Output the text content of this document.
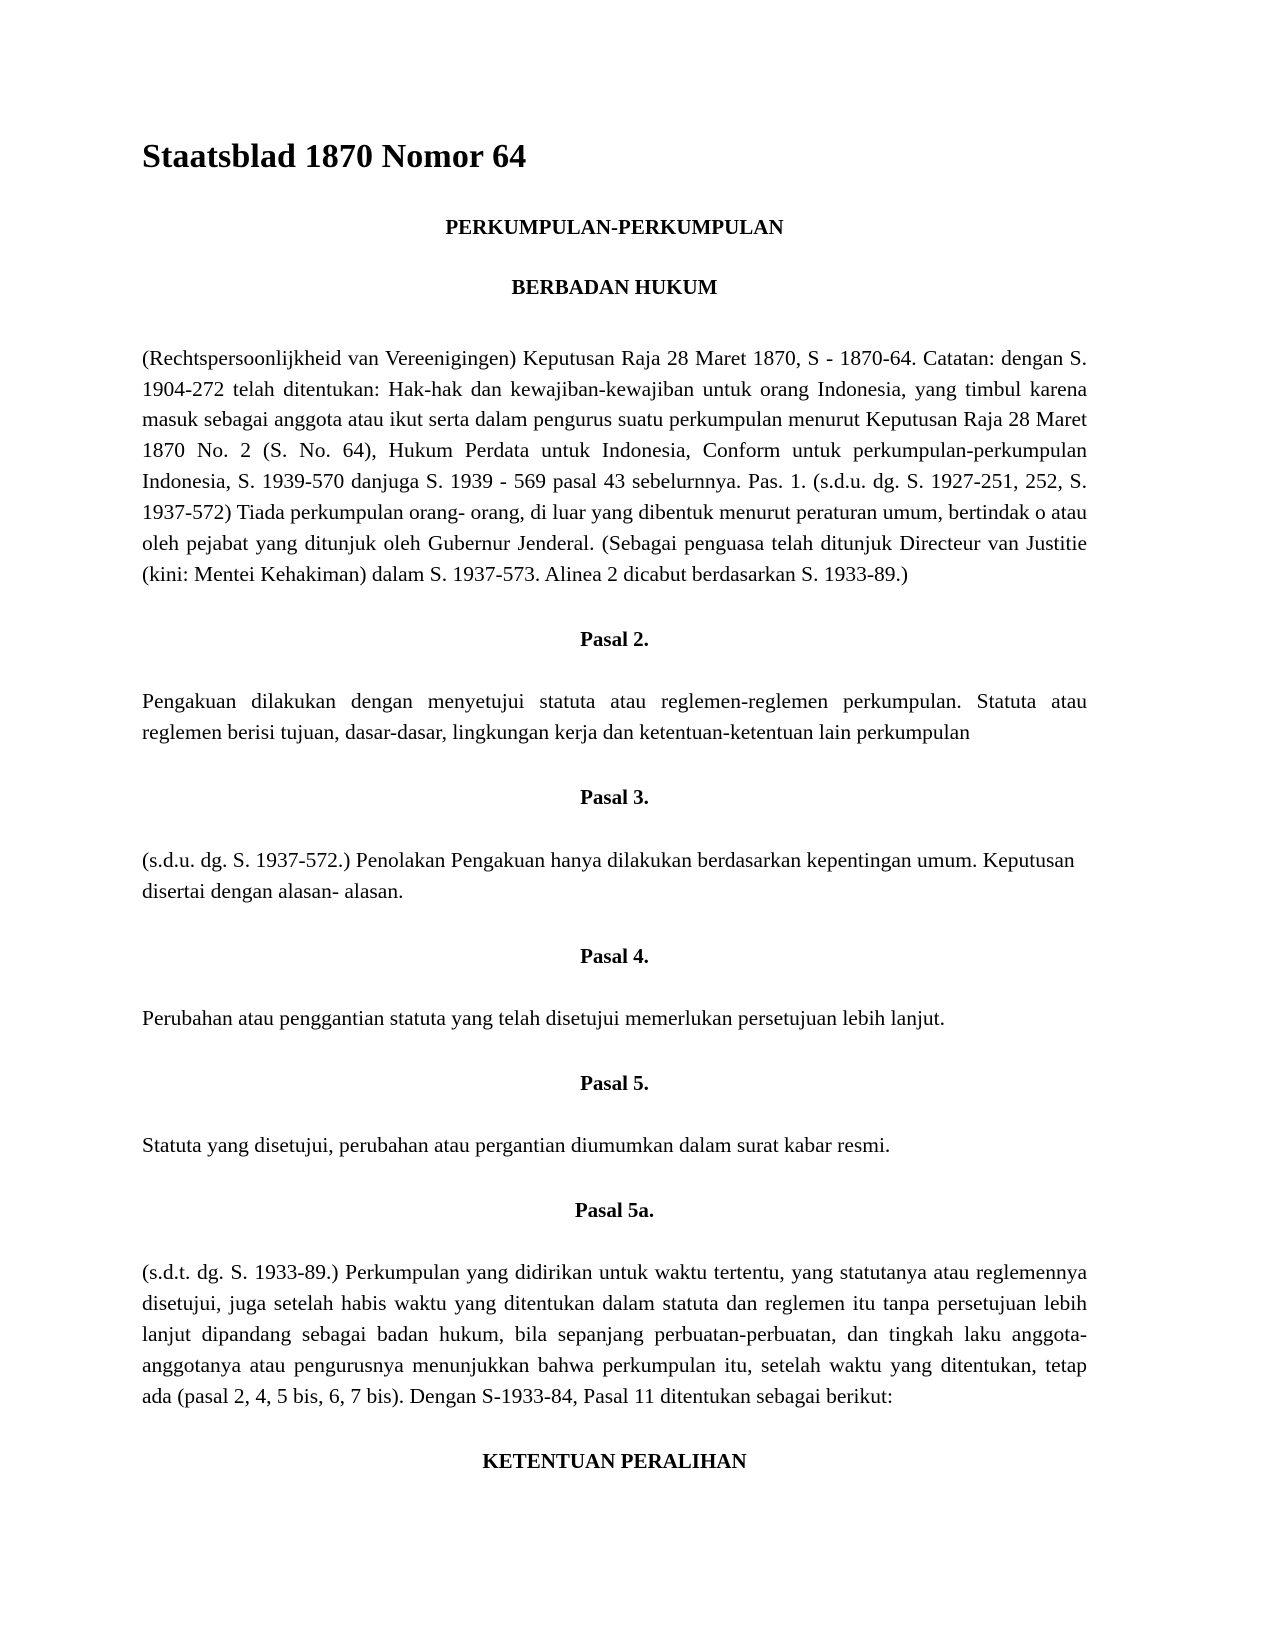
Staatsblad 1870 Nomor 64
PERKUMPULAN-PERKUMPULAN
BERBADAN HUKUM

(Rechtspersoonlijkheid van Vereenigingen) Keputusan Raja 28 Maret 1870, S - 1870-64. Catatan: dengan S. 1904-272 telah ditentukan: Hak-hak dan kewajiban-kewajiban untuk orang Indonesia, yang timbul karena masuk sebagai anggota atau ikut serta dalam pengurus suatu perkumpulan menurut Keputusan Raja 28 Maret 1870 No. 2 (S. No. 64), Hukum Perdata untuk Indonesia, Conform untuk perkumpulan-perkumpulan Indonesia, S. 1939-570 danjuga S. 1939 - 569 pasal 43 sebelurnnya. Pas. 1. (s.d.u. dg. S. 1927-251, 252, S. 1937-572) Tiada perkumpulan orang- orang, di luar yang dibentuk menurut peraturan umum, bertindak o atau oleh pejabat yang ditunjuk oleh Gubernur Jenderal. (Sebagai penguasa telah ditunjuk Directeur van Justitie (kini: Mentei Kehakiman) dalam S. 1937-573. Alinea 2 dicabut berdasarkan S. 1933-89.)

Pasal 2.

Pengakuan dilakukan dengan menyetujui statuta atau reglemen-reglemen perkumpulan. Statuta atau reglemen berisi tujuan, dasar-dasar, lingkungan kerja dan ketentuan-ketentuan lain perkumpulan

Pasal 3.

(s.d.u. dg. S. 1937-572.) Penolakan Pengakuan hanya dilakukan berdasarkan kepentingan umum. Keputusan disertai dengan alasan- alasan.

Pasal 4.

Perubahan atau penggantian statuta yang telah disetujui memerlukan persetujuan lebih lanjut.

Pasal 5.

Statuta yang disetujui, perubahan atau pergantian diumumkan dalam surat kabar resmi.

Pasal 5a.

(s.d.t. dg. S. 1933-89.) Perkumpulan yang didirikan untuk waktu tertentu, yang statutanya atau reglemennya disetujui, juga setelah habis waktu yang ditentukan dalam statuta dan reglemen itu tanpa persetujuan lebih lanjut dipandang sebagai badan hukum, bila sepanjang perbuatan-perbuatan, dan tingkah laku anggota-anggotanya atau pengurusnya menunjukkan bahwa perkumpulan itu, setelah waktu yang ditentukan, tetap ada (pasal 2, 4, 5 bis, 6, 7 bis). Dengan S-1933-84, Pasal 11 ditentukan sebagai berikut:

KETENTUAN PERALIHAN
